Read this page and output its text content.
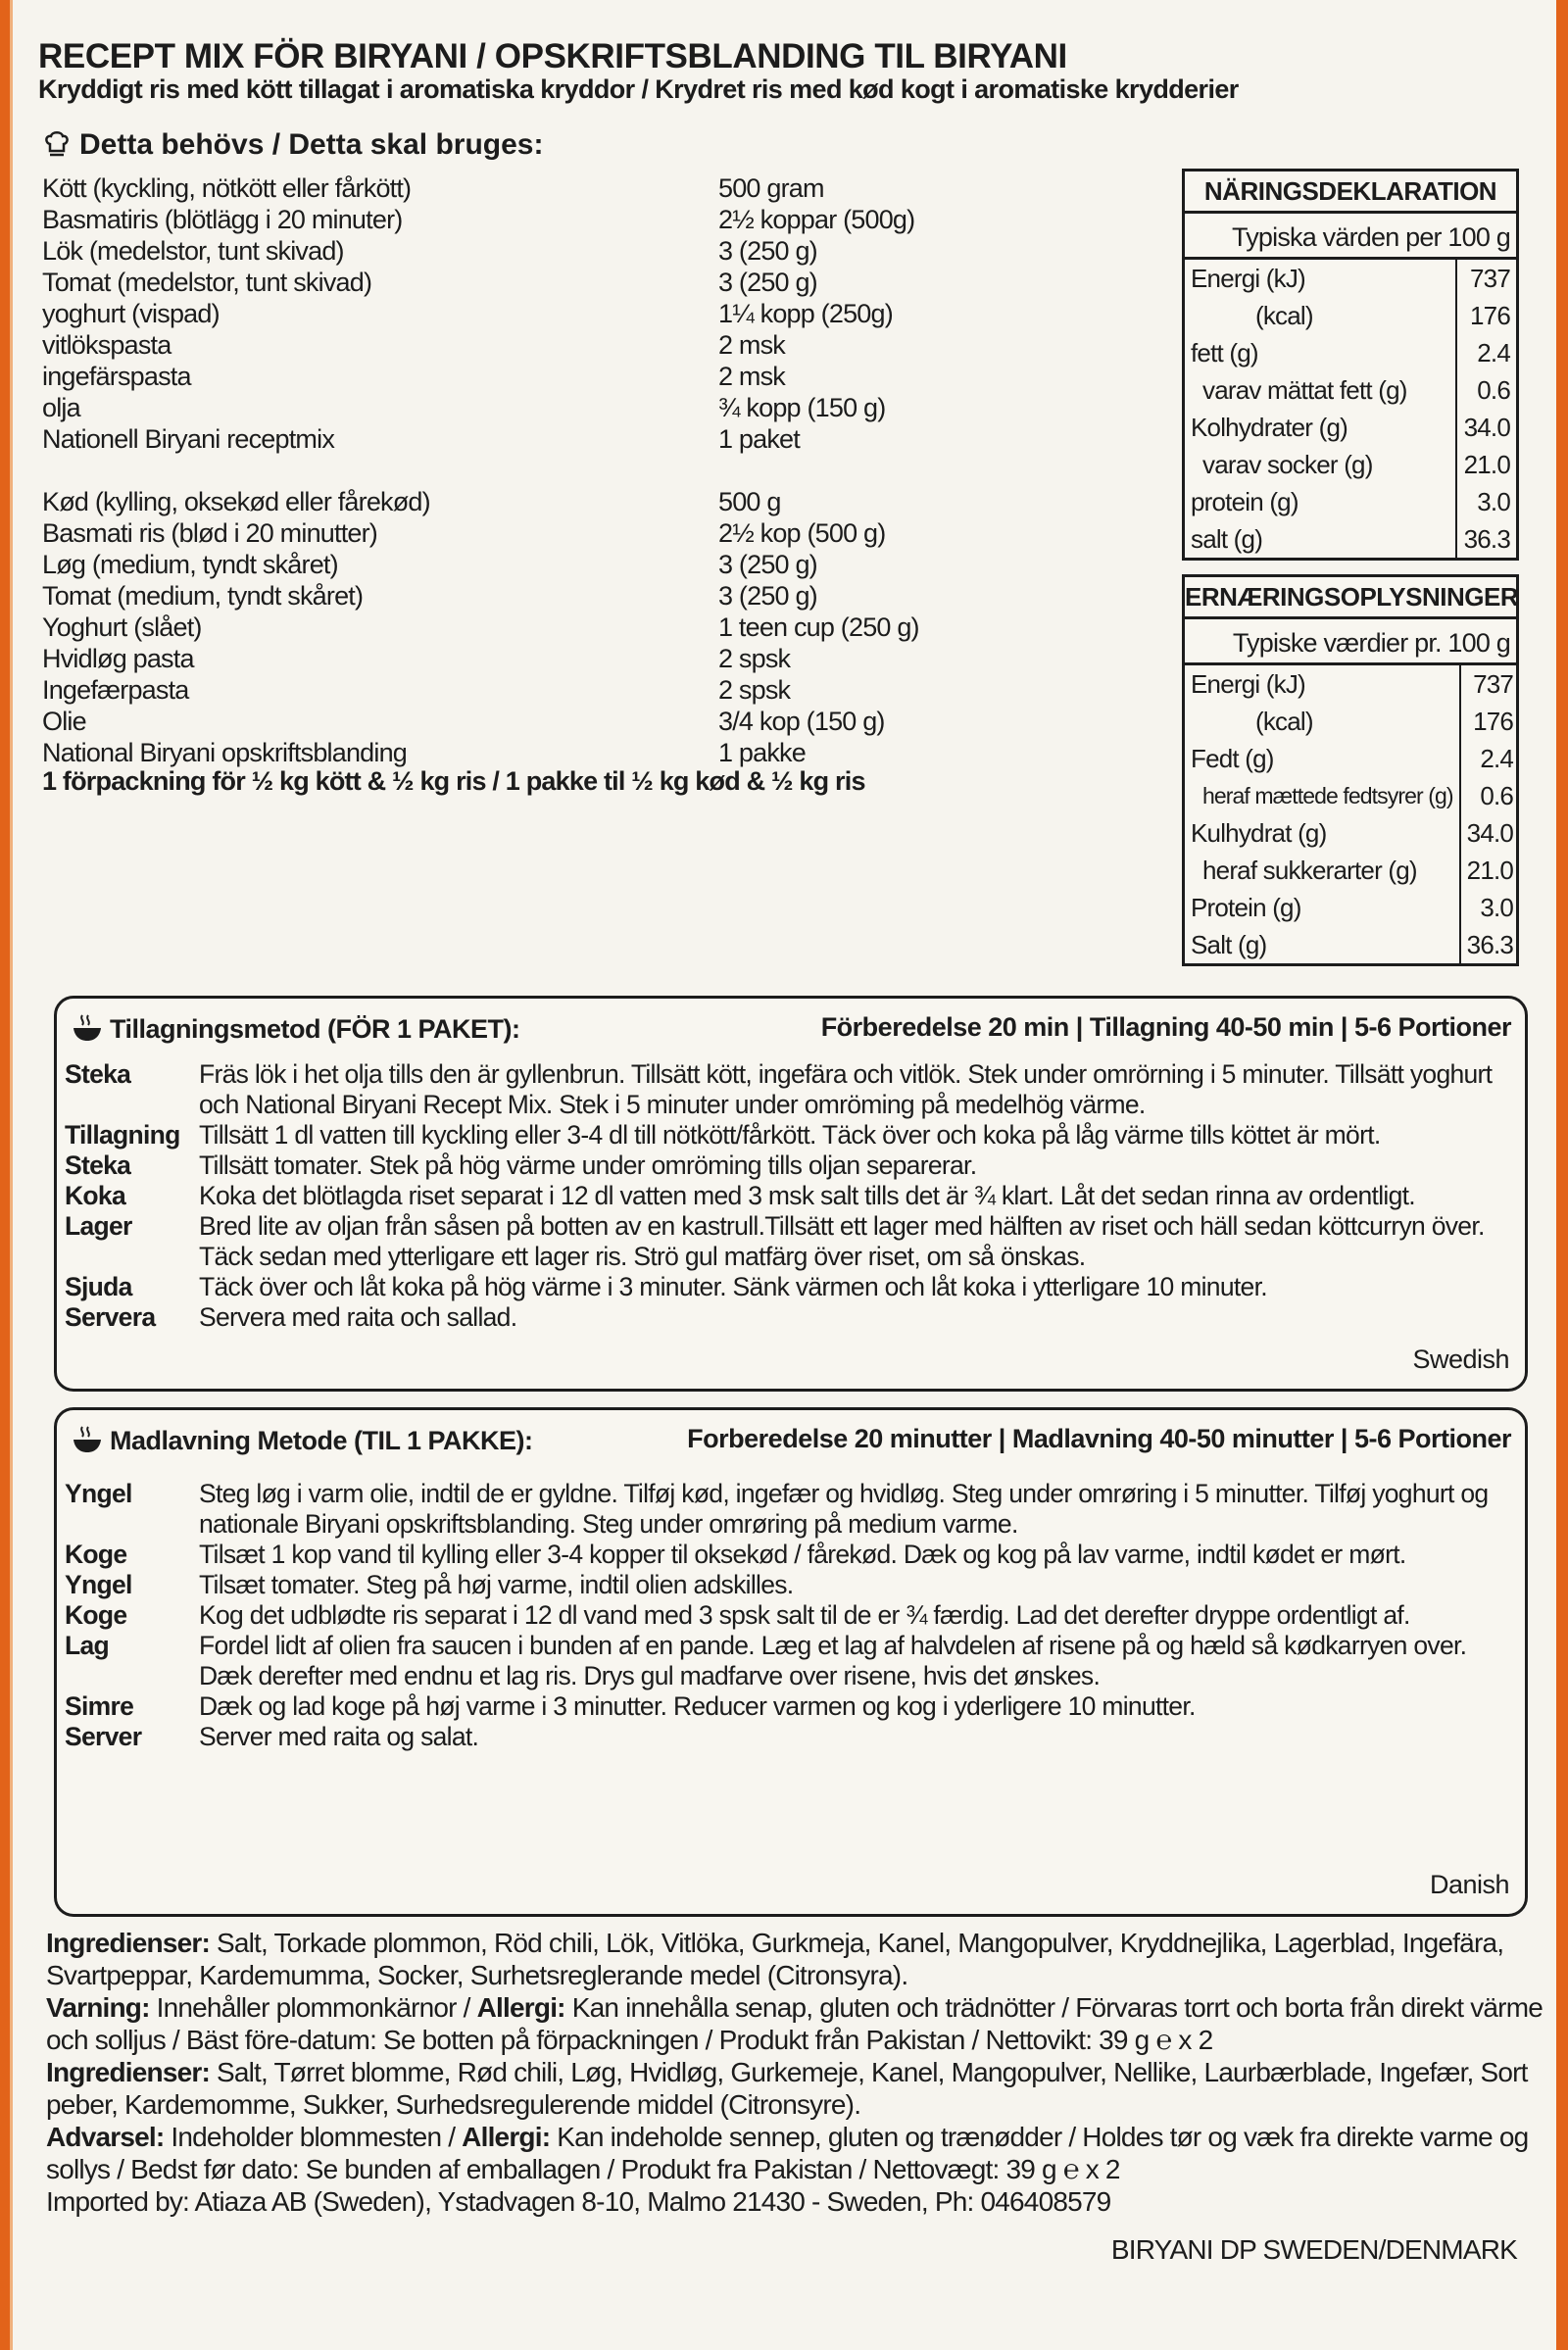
RECEPT MIX FÖR BIRYANI / OPSKRIFTSBLANDING TIL BIRYANI
Kryddigt ris med kött tillagat i aromatiska kryddor / Krydret ris med kød kogt i aromatiske krydderier
Detta behövs / Detta skal bruges:
Kött (kyckling, nötkött eller fårkött)	500 gram
Basmatiris (blötlägg i 20 minuter)	2½ koppar (500g)
Lök (medelstor, tunt skivad)	3 (250 g)
Tomat (medelstor, tunt skivad)	3 (250 g)
yoghurt (vispad)	1¼ kopp (250g)
vitlökspasta	2 msk
ingefärspasta	2 msk
olja	¾ kopp (150 g)
Nationell Biryani receptmix	1 paket
Kød (kylling, oksekød eller fårekød)	500 g
Basmati ris (blød i 20 minutter)	2½ kop (500 g)
Løg (medium, tyndt skåret)	3 (250 g)
Tomat (medium, tyndt skåret)	3 (250 g)
Yoghurt (slået)	1 teen cup (250 g)
Hvidløg pasta	2 spsk
Ingefærpasta	2 spsk
Olie	3/4 kop (150 g)
National Biryani opskriftsblanding	1 pakke
1 förpackning för ½ kg kött & ½ kg ris / 1 pakke til ½ kg kød & ½ kg ris
NÄRINGSDEKLARATION
Typiska värden per 100 g
Energi (kJ)	737
(kcal)	176
fett (g)	2.4
varav mättat fett (g)	0.6
Kolhydrater (g)	34.0
varav socker (g)	21.0
protein (g)	3.0
salt (g)	36.3
ERNÆRINGSOPLYSNINGER
Typiske værdier pr. 100 g
Energi (kJ)	737
(kcal)	176
Fedt (g)	2.4
heraf mættede fedtsyrer (g)	0.6
Kulhydrat (g)	34.0
heraf sukkerarter (g)	21.0
Protein (g)	3.0
Salt (g)	36.3
Tillagningsmetod (FÖR 1 PAKET):	Förberedelse 20 min | Tillagning 40-50 min | 5-6 Portioner
Steka	Fräs lök i het olja tills den är gyllenbrun. Tillsätt kött, ingefära och vitlök. Stek under omrörning i 5 minuter. Tillsätt yoghurt och National Biryani Recept Mix. Stek i 5 minuter under omröming på medelhög värme.
Tillagning Tillsätt 1 dl vatten till kyckling eller 3-4 dl till nötkött/fårkött. Täck över och koka på låg värme tills köttet är mört.
Steka	Tillsätt tomater. Stek på hög värme under omröming tills oljan separerar.
Koka	Koka det blötlagda riset separat i 12 dl vatten med 3 msk salt tills det är ¾ klart. Låt det sedan rinna av ordentligt.
Lager	Bred lite av oljan från såsen på botten av en kastrull.Tillsätt ett lager med hälften av riset och häll sedan köttcurryn över. Täck sedan med ytterligare ett lager ris. Strö gul matfärg över riset, om så önskas.
Sjuda	Täck över och låt koka på hög värme i 3 minuter. Sänk värmen och låt koka i ytterligare 10 minuter.
Servera Servera med raita och sallad.
Swedish
Madlavning Metode (TIL 1 PAKKE):	Forberedelse 20 minutter | Madlavning 40-50 minutter | 5-6 Portioner
Yngel	Steg løg i varm olie, indtil de er gyldne. Tilføj kød, ingefær og hvidløg. Steg under omrøring i 5 minutter. Tilføj yoghurt og nationale Biryani opskriftsblanding. Steg under omrøring på medium varme.
Koge	Tilsæt 1 kop vand til kylling eller 3-4 kopper til oksekød / fårekød. Dæk og kog på lav varme, indtil kødet er mørt.
Yngel	Tilsæt tomater. Steg på høj varme, indtil olien adskilles.
Koge	Kog det udblødte ris separat i 12 dl vand med 3 spsk salt til de er ¾ færdig. Lad det derefter dryppe ordentligt af.
Lag	Fordel lidt af olien fra saucen i bunden af en pande. Læg et lag af halvdelen af risene på og hæld så kødkarryen over. Dæk derefter med endnu et lag ris. Drys gul madfarve over risene, hvis det ønskes.
Simre	Dæk og lad koge på høj varme i 3 minutter. Reducer varmen og kog i yderligere 10 minutter.
Server Server med raita og salat.
Danish
Ingredienser: Salt, Torkade plommon, Röd chili, Lök, Vitlöka, Gurkmeja, Kanel, Mangopulver, Kryddnejlika, Lagerblad, Ingefära, Svartpeppar, Kardemumma, Socker, Surhetsreglerande medel (Citronsyra).
Varning: Innehåller plommonkärnor / Allergi: Kan innehålla senap, gluten och trädnötter / Förvaras torrt och borta från direkt värme och solljus / Bäst före-datum: Se botten på förpackningen / Produkt från Pakistan / Nettovikt: 39 g ℮ x 2
Ingredienser: Salt, Tørret blomme, Rød chili, Løg, Hvidløg, Gurkemeje, Kanel, Mangopulver, Nellike, Laurbærblade, Ingefær, Sort peber, Kardemomme, Sukker, Surhedsregulerende middel (Citronsyre).
Advarsel: Indeholder blommesten / Allergi: Kan indeholde sennep, gluten og trænødder / Holdes tør og væk fra direkte varme og sollys / Bedst før dato: Se bunden af emballagen / Produkt fra Pakistan / Nettovægt: 39 g ℮ x 2
Imported by: Atiaza AB (Sweden), Ystadvagen 8-10, Malmo 21430 - Sweden, Ph: 046408579
BIRYANI DP SWEDEN/DENMARK
